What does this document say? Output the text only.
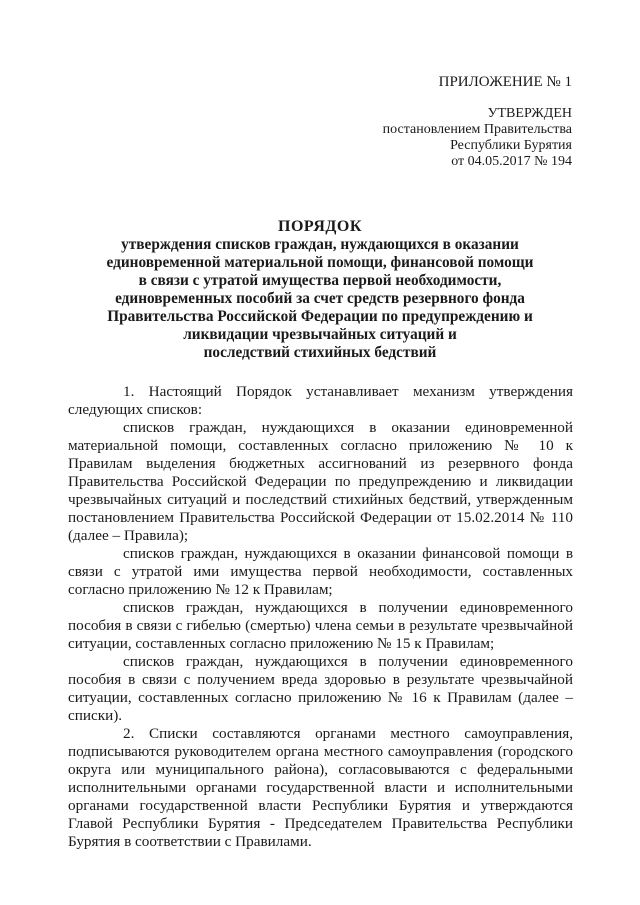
ПРИЛОЖЕНИЕ № 1
УТВЕРЖДЕН
постановлением Правительства
Республики Бурятия
от 04.05.2017 № 194
ПОРЯДОК
утверждения списков граждан, нуждающихся в оказании
единовременной материальной помощи, финансовой помощи
в связи с утратой имущества первой необходимости,
единовременных пособий за счет средств резервного фонда
Правительства Российской Федерации по предупреждению и
ликвидации чрезвычайных ситуаций и
последствий стихийных бедствий

1. Настоящий Порядок устанавливает механизм утверждения следующих списков:

списков граждан, нуждающихся в оказании единовременной материальной помощи, составленных согласно приложению № 10 к Правилам выделения бюджетных ассигнований из резервного фонда Правительства Российской Федерации по предупреждению и ликвидации чрезвычайных ситуаций и последствий стихийных бедствий, утвержденным постановлением Правительства Российской Федерации от 15.02.2014 № 110 (далее – Правила);

списков граждан, нуждающихся в оказании финансовой помощи в связи с утратой ими имущества первой необходимости, составленных согласно приложению № 12 к Правилам;

списков граждан, нуждающихся в получении единовременного пособия в связи с гибелью (смертью) члена семьи в результате чрезвычайной ситуации, составленных согласно приложению № 15 к Правилам;

списков граждан, нуждающихся в получении единовременного пособия в связи с получением вреда здоровью в результате чрезвычайной ситуации, составленных согласно приложению № 16 к Правилам (далее – списки).

2. Списки составляются органами местного самоуправления, подписываются руководителем органа местного самоуправления (городского округа или муниципального района), согласовываются с федеральными исполнительными органами государственной власти и исполнительными органами государственной власти Республики Бурятия и утверждаются Главой Республики Бурятия - Председателем Правительства Республики Бурятия в соответствии с Правилами.
